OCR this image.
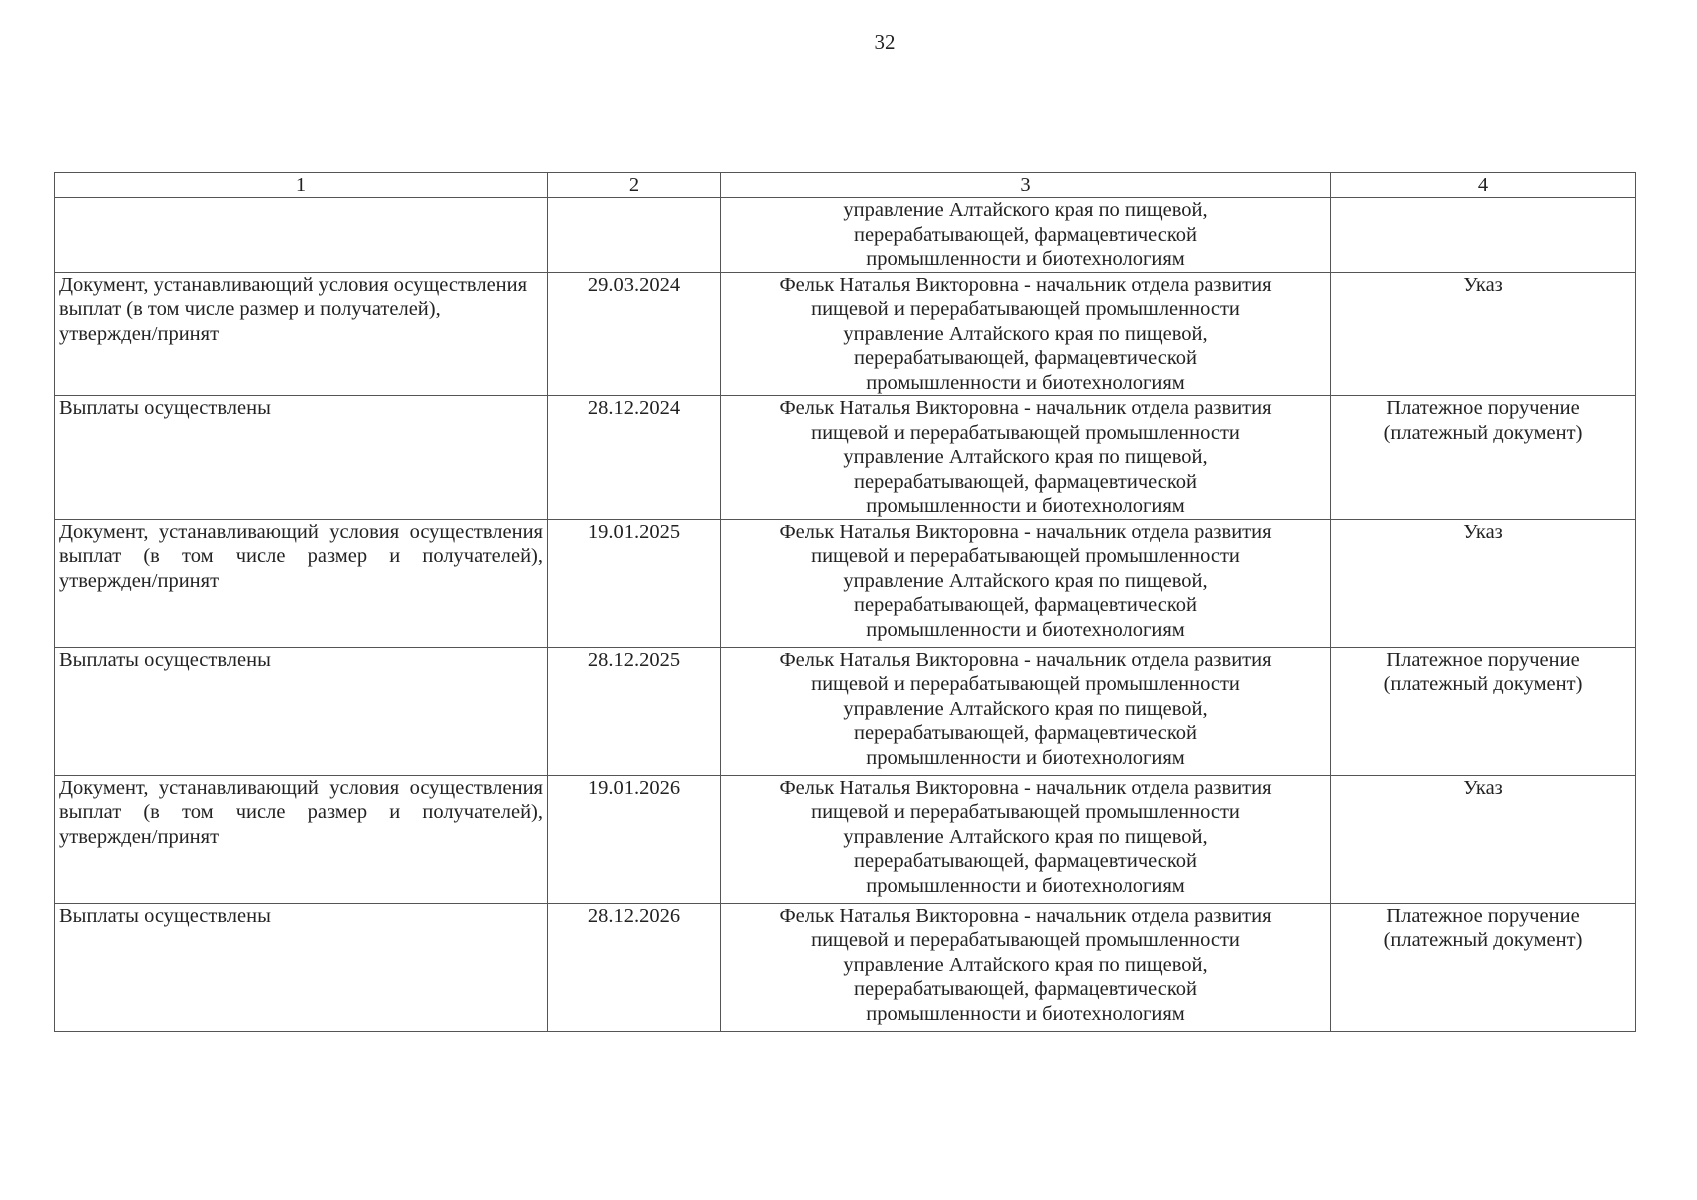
32
1	2	3	4

		управление Алтайского края по пищевой,
перерабатывающей, фармацевтической
промышленности и биотехнологиям	

Документ, устанавливающий условия осуществления выплат (в том числе размер и получателей), утвержден/принят	29.03.2024	Фельк Наталья Викторовна - начальник отдела развития
пищевой и перерабатывающей промышленности
управление Алтайского края по пищевой,
перерабатывающей, фармацевтической
промышленности и биотехнологиям	Указ

Выплаты осуществлены	28.12.2024	Фельк Наталья Викторовна - начальник отдела развития
пищевой и перерабатывающей промышленности
управление Алтайского края по пищевой,
перерабатывающей, фармацевтической
промышленности и биотехнологиям	Платежное поручение
(платежный документ)

Документ, устанавливающий условия осуществления выплат (в том числе размер и получателей), утвержден/принят	19.01.2025	Фельк Наталья Викторовна - начальник отдела развития
пищевой и перерабатывающей промышленности
управление Алтайского края по пищевой,
перерабатывающей, фармацевтической
промышленности и биотехнологиям	Указ

Выплаты осуществлены	28.12.2025	Фельк Наталья Викторовна - начальник отдела развития
пищевой и перерабатывающей промышленности
управление Алтайского края по пищевой,
перерабатывающей, фармацевтической
промышленности и биотехнологиям	Платежное поручение
(платежный документ)

Документ, устанавливающий условия осуществления выплат (в том числе размер и получателей), утвержден/принят	19.01.2026	Фельк Наталья Викторовна - начальник отдела развития
пищевой и перерабатывающей промышленности
управление Алтайского края по пищевой,
перерабатывающей, фармацевтической
промышленности и биотехнологиям	Указ

Выплаты осуществлены	28.12.2026	Фельк Наталья Викторовна - начальник отдела развития
пищевой и перерабатывающей промышленности
управление Алтайского края по пищевой,
перерабатывающей, фармацевтической
промышленности и биотехнологиям	Платежное поручение
(платежный документ)
